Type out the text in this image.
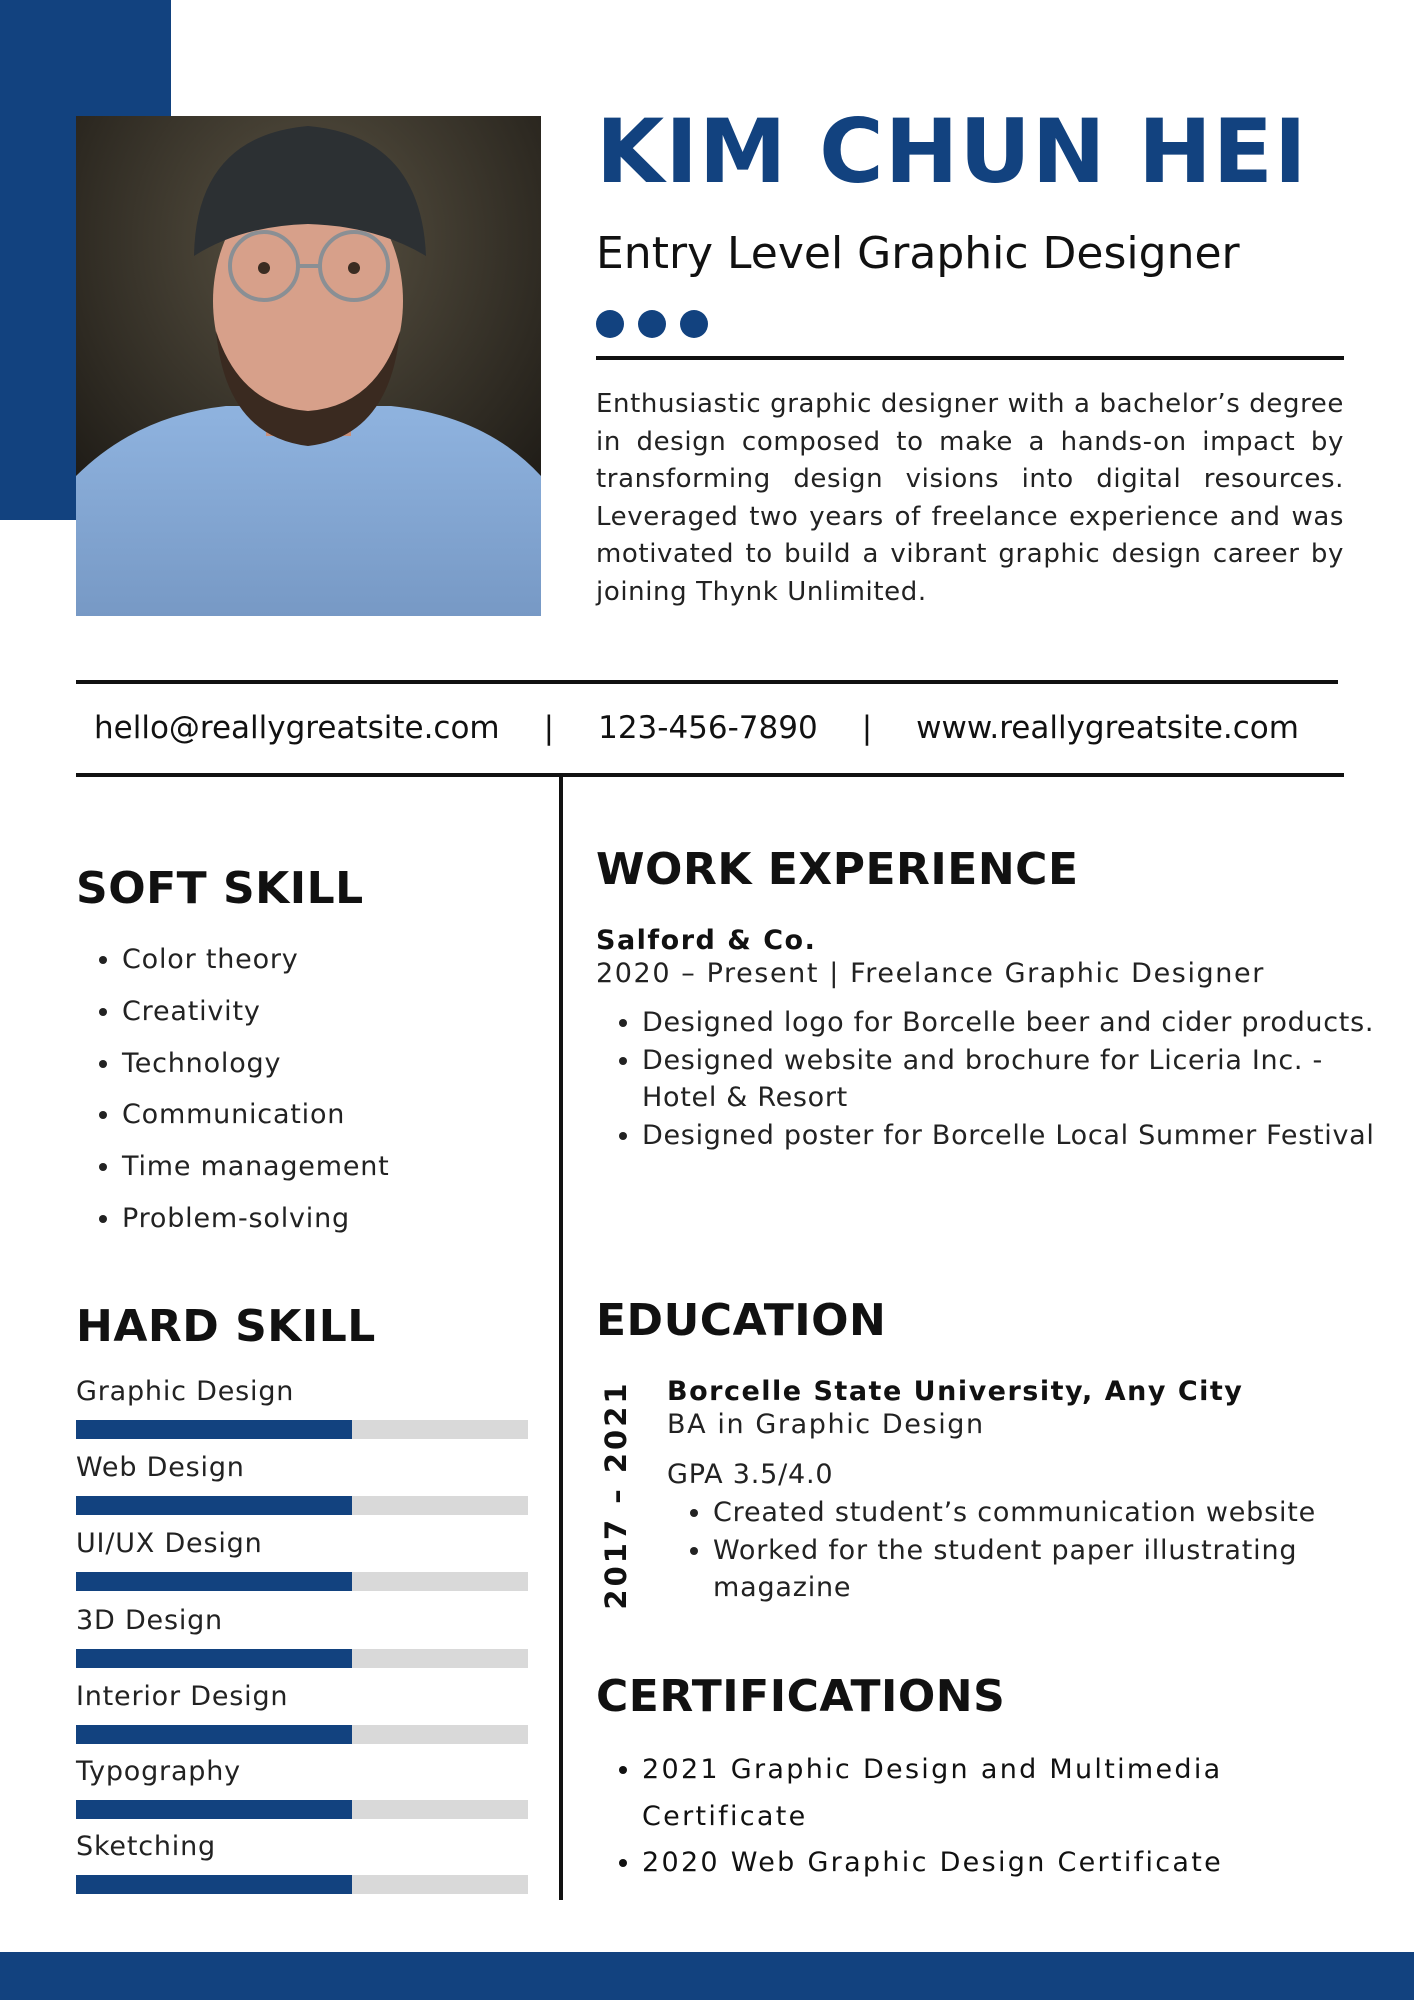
KIM CHUN HEI
Entry Level Graphic Designer
Enthusiastic graphic designer with a bachelor’s degree in design composed to make a hands-on impact by transforming design visions into digital resources. Leveraged two years of freelance experience and was motivated to build a vibrant graphic design career by joining Thynk Unlimited.
hello@reallygreatsite.com | 123-456-7890 | www.reallygreatsite.com
SOFT SKILL
• Color theory
• Creativity
• Technology
• Communication
• Time management
• Problem-solving
HARD SKILL
Graphic Design
Web Design
UI/UX Design
3D Design
Interior Design
Typography
Sketching
WORK EXPERIENCE
Salford & Co.
2020 – Present | Freelance Graphic Designer
• Designed logo for Borcelle beer and cider products.
• Designed website and brochure for Liceria Inc. - Hotel & Resort
• Designed poster for Borcelle Local Summer Festival
EDUCATION
2017 – 2021 Borcelle State University, Any City
BA in Graphic Design
GPA 3.5/4.0
• Created student’s communication website
• Worked for the student paper illustrating magazine
CERTIFICATIONS
• 2021 Graphic Design and Multimedia Certificate
• 2020 Web Graphic Design Certificate
